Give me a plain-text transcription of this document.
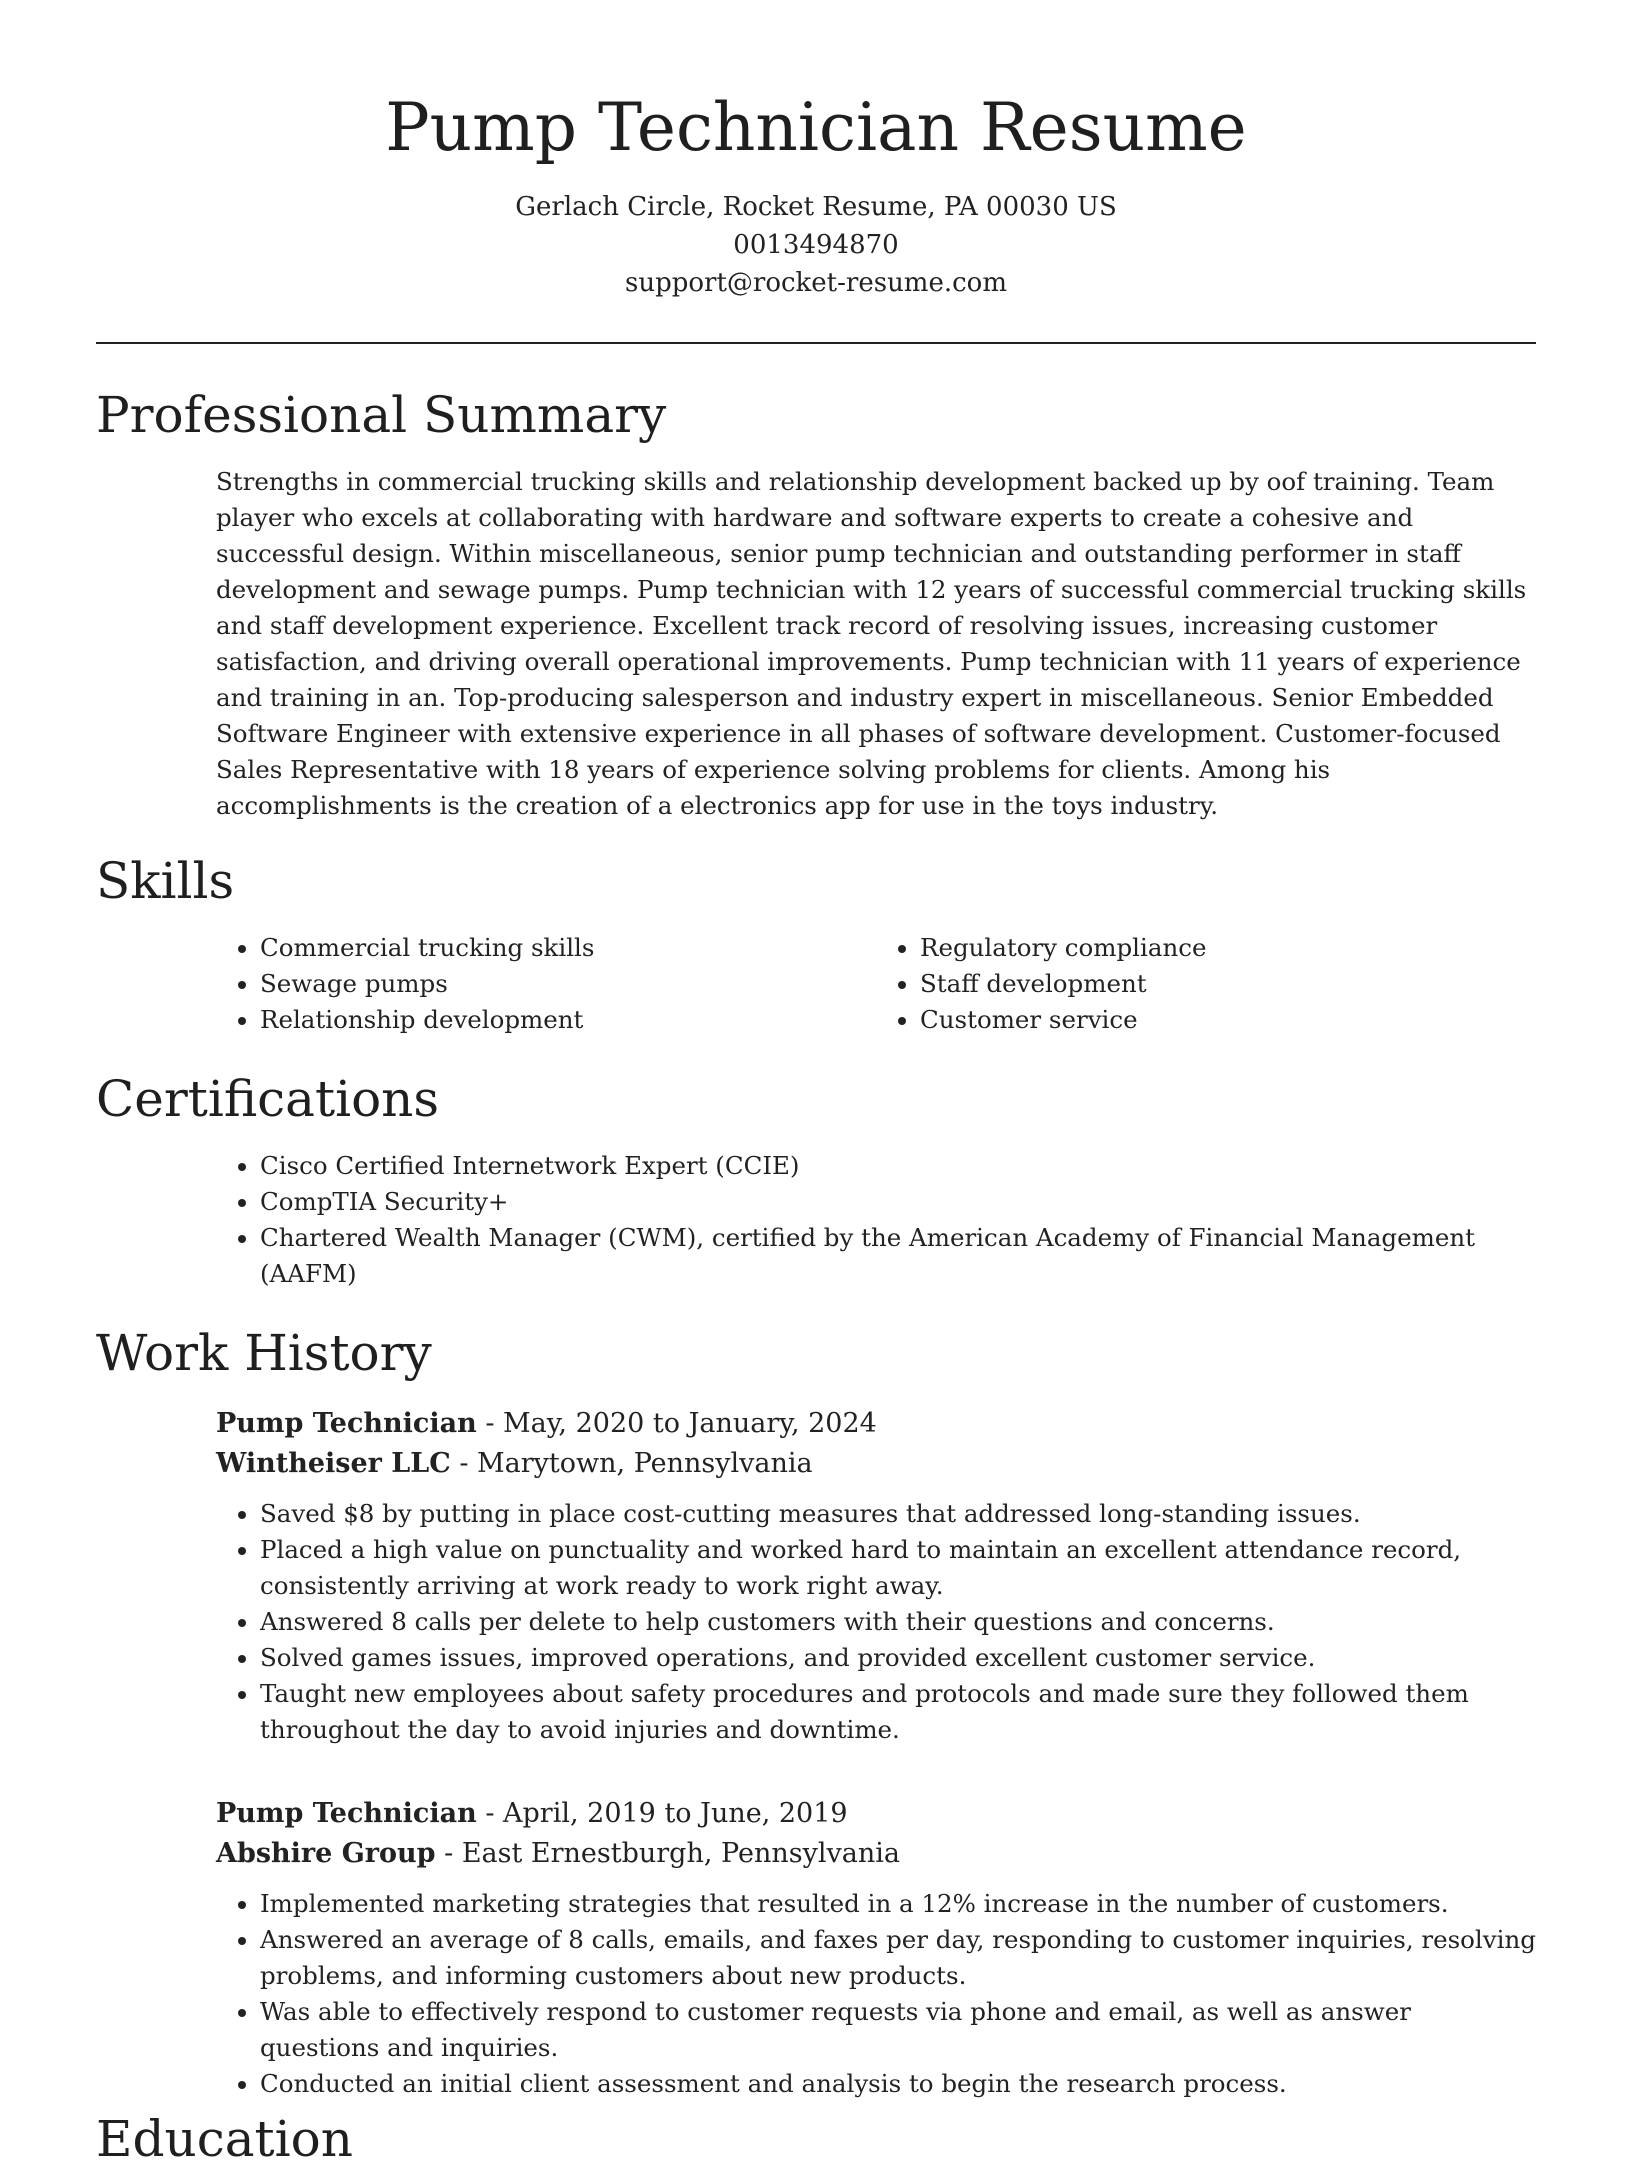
Pump Technician Resume
Gerlach Circle, Rocket Resume, PA 00030 US
0013494870
support@rocket-resume.com
Professional Summary

Strengths in commercial trucking skills and relationship development backed up by oof training. Team player who excels at collaborating with hardware and software experts to create a cohesive and successful design. Within miscellaneous, senior pump technician and outstanding performer in staff development and sewage pumps. Pump technician with 12 years of successful commercial trucking skills and staff development experience. Excellent track record of resolving issues, increasing customer satisfaction, and driving overall operational improvements. Pump technician with 11 years of experience and training in an. Top-producing salesperson and industry expert in miscellaneous. Senior Embedded Software Engineer with extensive experience in all phases of software development. Customer-focused Sales Representative with 18 years of experience solving problems for clients. Among his accomplishments is the creation of a electronics app for use in the toys industry.

Skills
• Commercial trucking skills
• Sewage pumps
• Relationship development
• Regulatory compliance
• Staff development
• Customer service
Certifications
• Cisco Certified Internetwork Expert (CCIE)
• CompTIA Security+
• Chartered Wealth Manager (CWM), certified by the American Academy of Financial Management (AAFM)
Work History
Pump Technician - May, 2020 to January, 2024
Wintheiser LLC - Marytown, Pennsylvania
• Saved $8 by putting in place cost-cutting measures that addressed long-standing issues.
• Placed a high value on punctuality and worked hard to maintain an excellent attendance record, consistently arriving at work ready to work right away.
• Answered 8 calls per delete to help customers with their questions and concerns.
• Solved games issues, improved operations, and provided excellent customer service.
• Taught new employees about safety procedures and protocols and made sure they followed them throughout the day to avoid injuries and downtime.
Pump Technician - April, 2019 to June, 2019
Abshire Group - East Ernestburgh, Pennsylvania
• Implemented marketing strategies that resulted in a 12% increase in the number of customers.
• Answered an average of 8 calls, emails, and faxes per day, responding to customer inquiries, resolving problems, and informing customers about new products.
• Was able to effectively respond to customer requests via phone and email, as well as answer questions and inquiries.
• Conducted an initial client assessment and analysis to begin the research process.
Education
